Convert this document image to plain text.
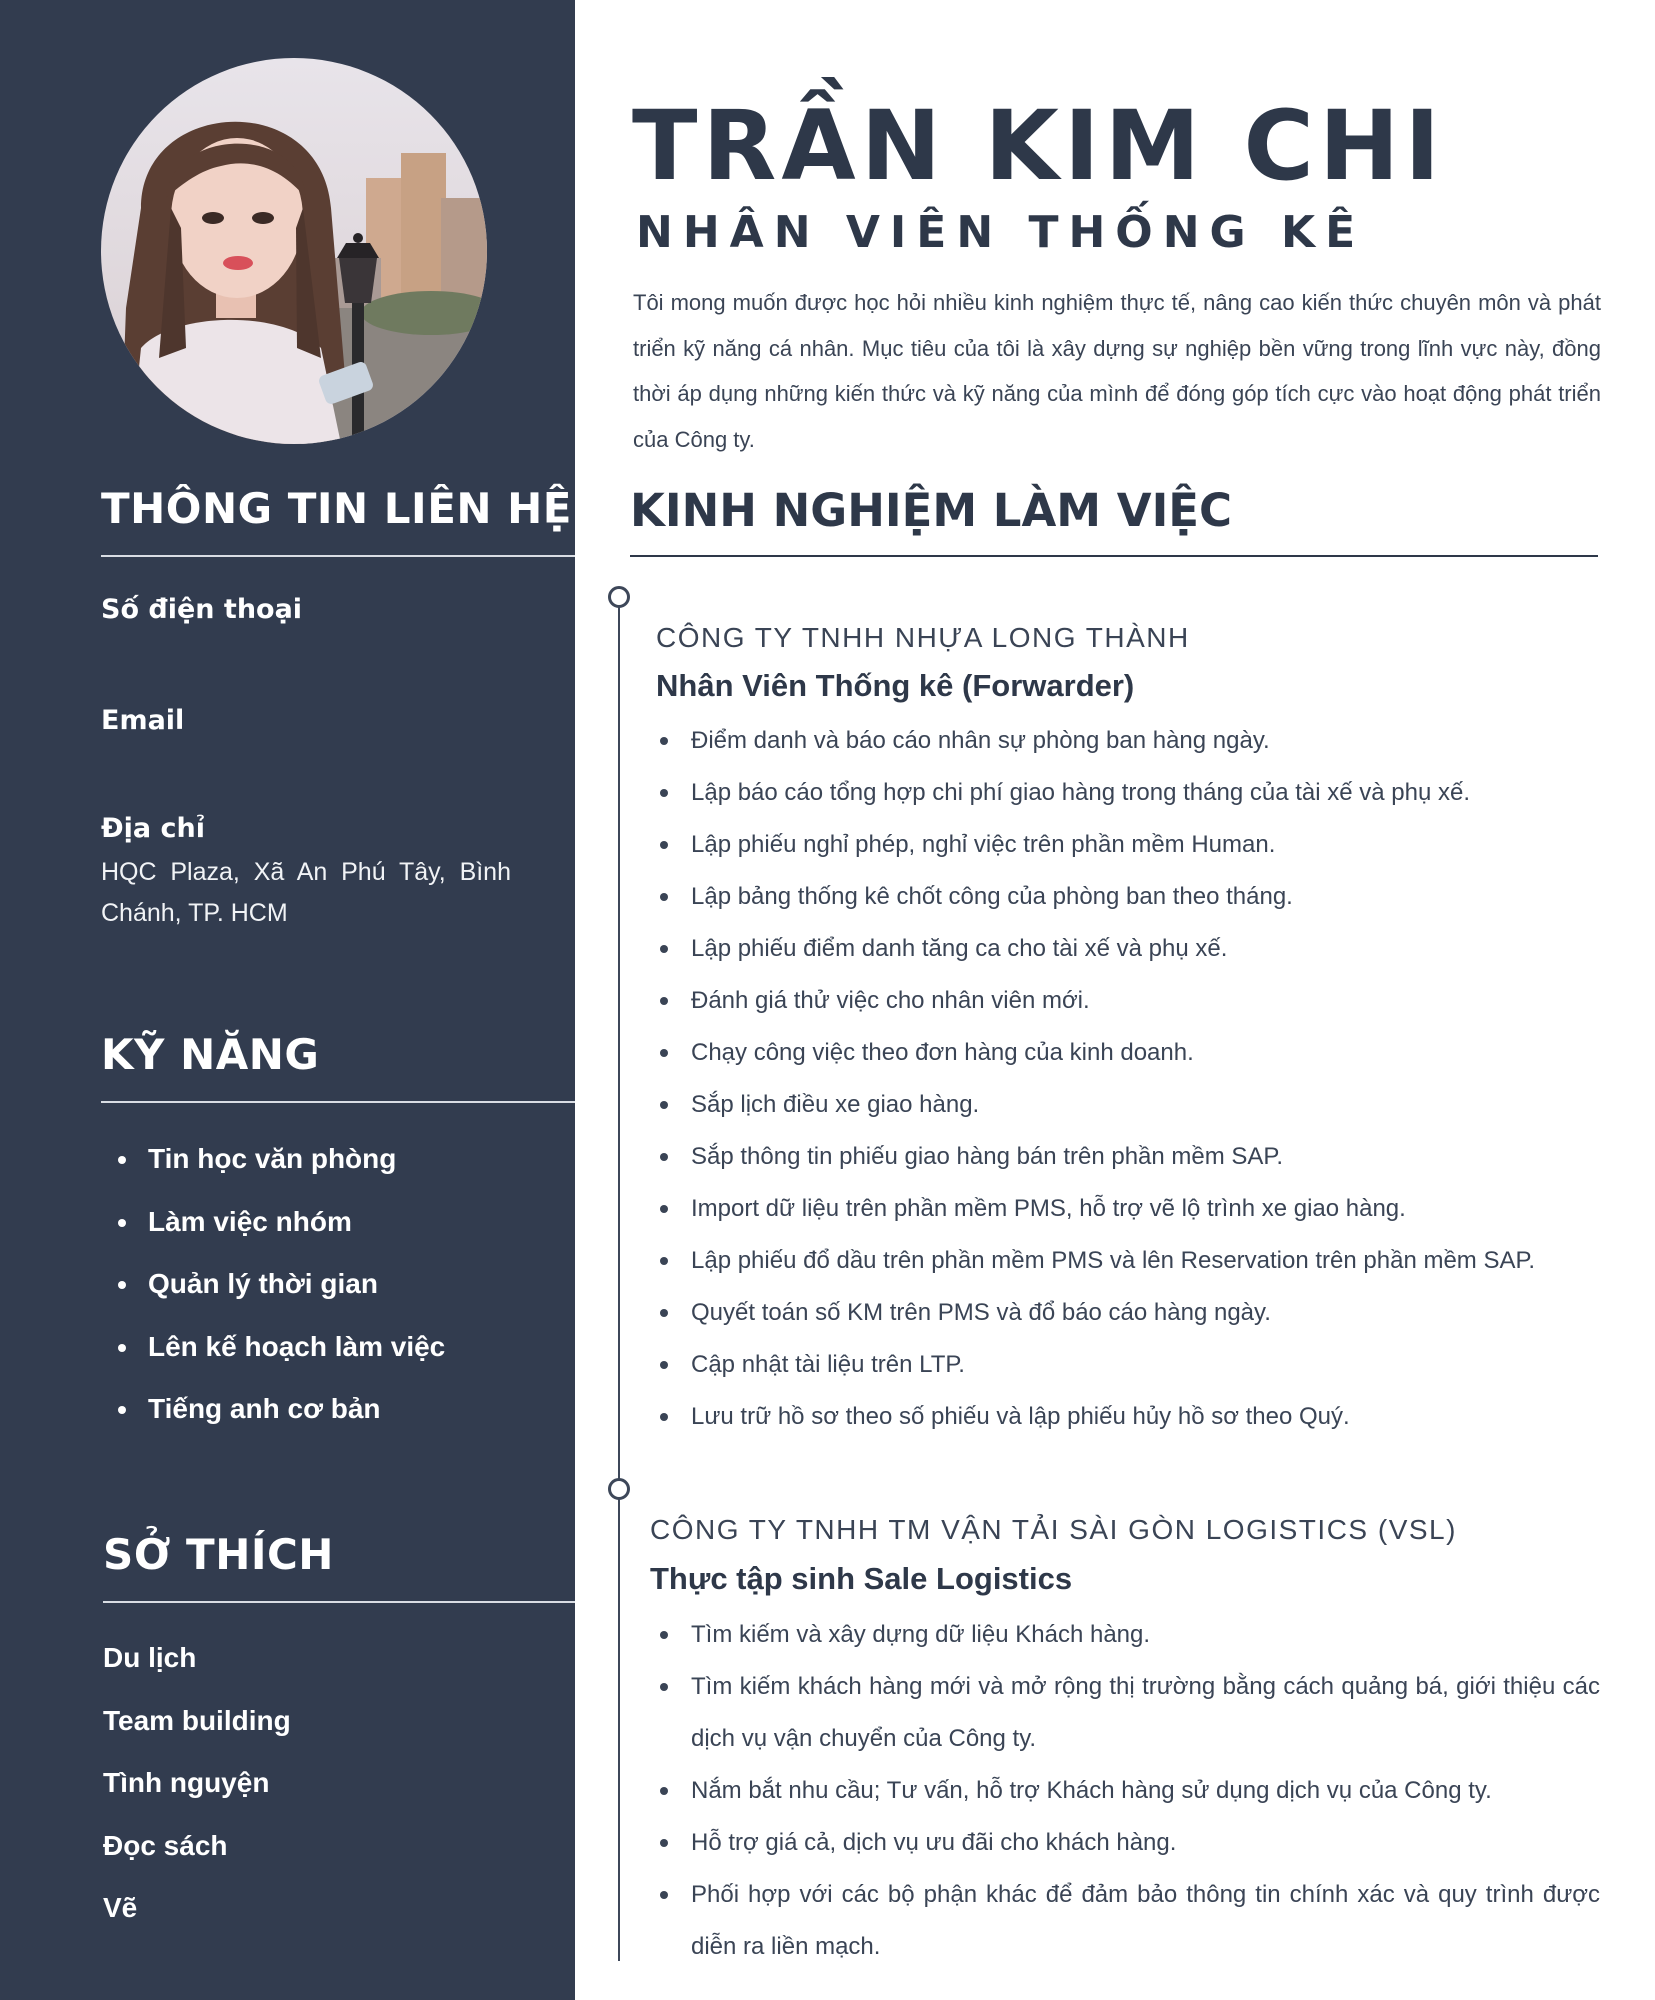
THÔNG TIN LIÊN HỆ
Số điện thoại
Email
Địa chỉ
HQC Plaza, Xã An Phú Tây, Bình Chánh, TP. HCM
KỸ NĂNG
Tin học văn phòng
Làm việc nhóm
Quản lý thời gian
Lên kế hoạch làm việc
Tiếng anh cơ bản
SỞ THÍCH
Du lịch
Team building
Tình nguyện
Đọc sách
Vẽ
TRẦN KIM CHI
NHÂN VIÊN THỐNG KÊ

Tôi mong muốn được học hỏi nhiều kinh nghiệm thực tế, nâng cao kiến thức chuyên môn và phát triển kỹ năng cá nhân. Mục tiêu của tôi là xây dựng sự nghiệp bền vững trong lĩnh vực này, đồng thời áp dụng những kiến thức và kỹ năng của mình để đóng góp tích cực vào hoạt động phát triển của Công ty.

KINH NGHIỆM LÀM VIỆC
CÔNG TY TNHH NHỰA LONG THÀNH
Nhân Viên Thống kê (Forwarder)
Điểm danh và báo cáo nhân sự phòng ban hàng ngày.
Lập báo cáo tổng hợp chi phí giao hàng trong tháng của tài xế và phụ xế.
Lập phiếu nghỉ phép, nghỉ việc trên phần mềm Human.
Lập bảng thống kê chốt công của phòng ban theo tháng.
Lập phiếu điểm danh tăng ca cho tài xế và phụ xế.
Đánh giá thử việc cho nhân viên mới.
Chạy công việc theo đơn hàng của kinh doanh.
Sắp lịch điều xe giao hàng.
Sắp thông tin phiếu giao hàng bán trên phần mềm SAP.
Import dữ liệu trên phần mềm PMS, hỗ trợ vẽ lộ trình xe giao hàng.
Lập phiếu đổ dầu trên phần mềm PMS và lên Reservation trên phần mềm SAP.
Quyết toán số KM trên PMS và đổ báo cáo hàng ngày.
Cập nhật tài liệu trên LTP.
Lưu trữ hồ sơ theo số phiếu và lập phiếu hủy hồ sơ theo Quý.
CÔNG TY TNHH TM VẬN TẢI SÀI GÒN LOGISTICS (VSL)
Thực tập sinh Sale Logistics
Tìm kiếm và xây dựng dữ liệu Khách hàng.
Tìm kiếm khách hàng mới và mở rộng thị trường bằng cách quảng bá, giới thiệu các dịch vụ vận chuyển của Công ty.
Nắm bắt nhu cầu; Tư vấn, hỗ trợ Khách hàng sử dụng dịch vụ của Công ty.
Hỗ trợ giá cả, dịch vụ ưu đãi cho khách hàng.
Phối hợp với các bộ phận khác để đảm bảo thông tin chính xác và quy trình được diễn ra liền mạch.
